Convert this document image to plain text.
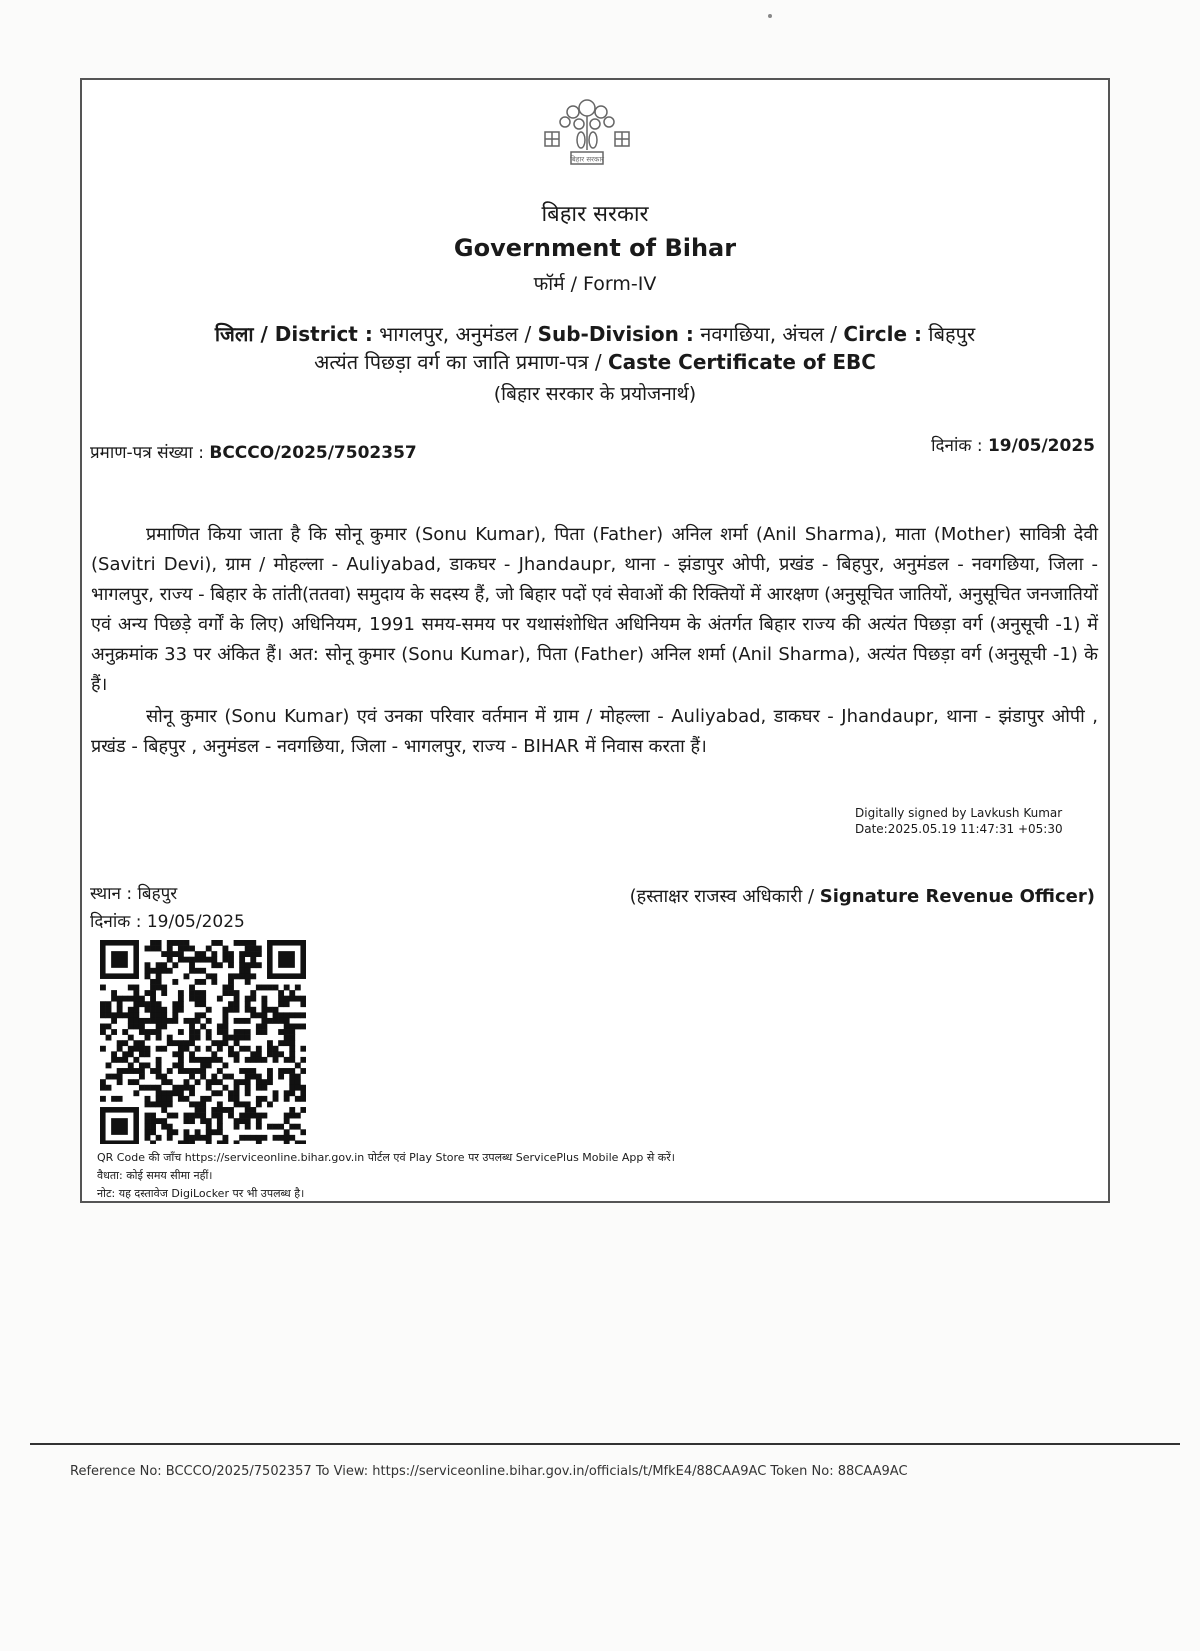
बिहार सरकार
बिहार सरकार
Government of Bihar
फॉर्म / Form-IV
जिला / District : भागलपुर, अनुमंडल / Sub-Division : नवगछिया, अंचल / Circle : बिहपुर
अत्यंत पिछड़ा वर्ग का जाति प्रमाण-पत्र / Caste Certificate of EBC
(बिहार सरकार के प्रयोजनार्थ)
प्रमाण-पत्र संख्या : BCCCO/2025/7502357	दिनांक : 19/05/2025

प्रमाणित किया जाता है कि सोनू कुमार (Sonu Kumar), पिता (Father) अनिल शर्मा (Anil Sharma), माता (Mother) सावित्री देवी (Savitri Devi), ग्राम / मोहल्ला - Auliyabad, डाकघर - Jhandaupr, थाना - झंडापुर ओपी, प्रखंड - बिहपुर, अनुमंडल - नवगछिया, जिला - भागलपुर, राज्य - बिहार के तांती(ततवा) समुदाय के सदस्य हैं, जो बिहार पदों एवं सेवाओं की रिक्तियों में आरक्षण (अनुसूचित जातियों, अनुसूचित जनजातियों एवं अन्य पिछड़े वर्गों के लिए) अधिनियम, 1991 समय-समय पर यथासंशोधित अधिनियम के अंतर्गत बिहार राज्य की अत्यंत पिछड़ा वर्ग (अनुसूची -1) में अनुक्रमांक 33 पर अंकित हैं। अत: सोनू कुमार (Sonu Kumar), पिता (Father) अनिल शर्मा (Anil Sharma), अत्यंत पिछड़ा वर्ग (अनुसूची -1) के हैं।

सोनू कुमार (Sonu Kumar) एवं उनका परिवार वर्तमान में ग्राम / मोहल्ला - Auliyabad, डाकघर - Jhandaupr, थाना - झंडापुर ओपी , प्रखंड - बिहपुर , अनुमंडल - नवगछिया, जिला - भागलपुर, राज्य - BIHAR में निवास करता हैं।

Digitally signed by Lavkush Kumar
Date:2025.05.19 11:47:31 +05:30
स्थान : बिहपुर
दिनांक : 19/05/2025
(हस्ताक्षर राजस्व अधिकारी / Signature Revenue Officer)
QR Code की जाँच https://serviceonline.bihar.gov.in पोर्टल एवं Play Store पर उपलब्ध ServicePlus Mobile App से करें।
वैधता: कोई समय सीमा नहीं।
नोट: यह दस्तावेज DigiLocker पर भी उपलब्ध है।
Reference No: BCCCO/2025/7502357 To View: https://serviceonline.bihar.gov.in/officials/t/MfkE4/88CAA9AC Token No: 88CAA9AC
